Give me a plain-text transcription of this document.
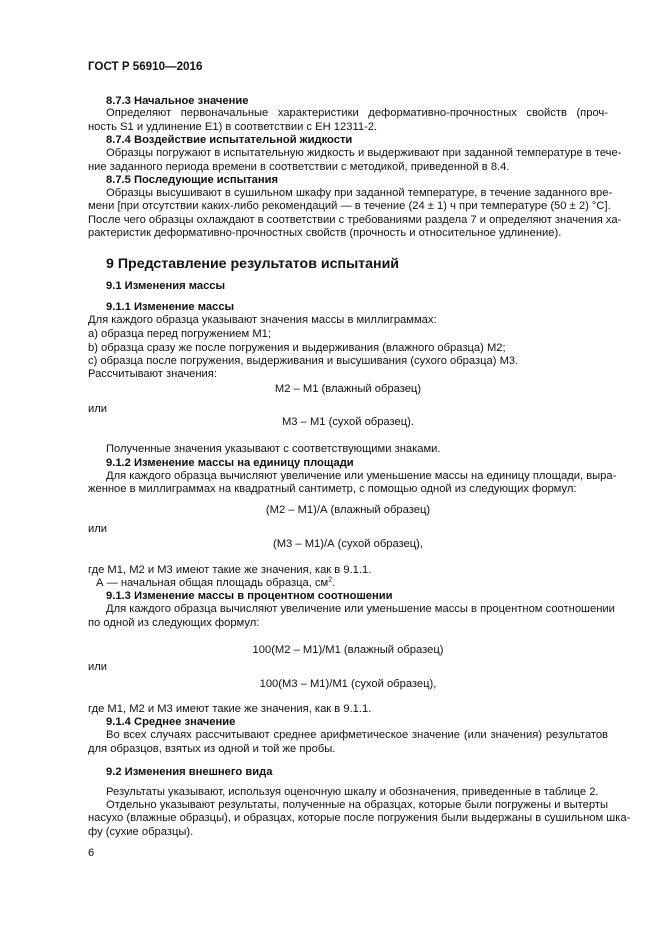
ГОСТ Р 56910—2016

8.7.3 Начальное значение

Определяют первоначальные характеристики деформативно-прочностных свойств (проч-

ность S1 и удлинение E1) в соответствии с ЕН 12311-2.

8.7.4 Воздействие испытательной жидкости

Образцы погружают в испытательную жидкость и выдерживают при заданной температуре в тече-

ние заданного периода времени в соответствии с методикой, приведенной в 8.4.

8.7.5 Последующие испытания

Образцы высушивают в сушильном шкафу при заданной температуре, в течение заданного вре-

мени [при отсутствии каких-либо рекомендаций — в течение (24 ± 1) ч при температуре (50 ± 2) °С].

После чего образцы охлаждают в соответствии с требованиями раздела 7 и определяют значения ха-

рактеристик деформативно-прочностных свойств (прочность и относительное удлинение).

9 Представление результатов испытаний

9.1 Изменения массы

9.1.1 Изменение массы

Для каждого образца указывают значения массы в миллиграммах:

a) образца перед погружением М1;

b) образца сразу же после погружения и выдерживания (влажного образца) М2;

c) образца после погружения, выдерживания и высушивания (сухого образца) М3.

Рассчитывают значения:

М2 – М1 (влажный образец)

или

М3 – М1 (сухой образец).

Полученные значения указывают с соответствующими знаками.

9.1.2 Изменение массы на единицу площади

Для каждого образца вычисляют увеличение или уменьшение массы на единицу площади, выра-

женное в миллиграммах на квадратный сантиметр, с помощью одной из следующих формул:

(М2 – М1)/А (влажный образец)

или

(М3 – М1)/А (сухой образец),

где М1, М2 и М3 имеют такие же значения, как в 9.1.1.

А — начальная общая площадь образца, $см^2$.

9.1.3 Изменение массы в процентном соотношении

Для каждого образца вычисляют увеличение или уменьшение массы в процентном соотношении

по одной из следующих формул:

100(М2 – М1)/М1 (влажный образец)

или

100(М3 – М1)/М1 (сухой образец),

где М1, М2 и М3 имеют такие же значения, как в 9.1.1.

9.1.4 Среднее значение

Во всех случаях рассчитывают среднее арифметическое значение (или значения) результатов

для образцов, взятых из одной и той же пробы.

9.2 Изменения внешнего вида

Результаты указывают, используя оценочную шкалу и обозначения, приведенные в таблице 2.

Отдельно указывают результаты, полученные на образцах, которые были погружены и вытерты

насухо (влажные образцы), и образцах, которые после погружения были выдержаны в сушильном шка-

фу (сухие образцы).

6
